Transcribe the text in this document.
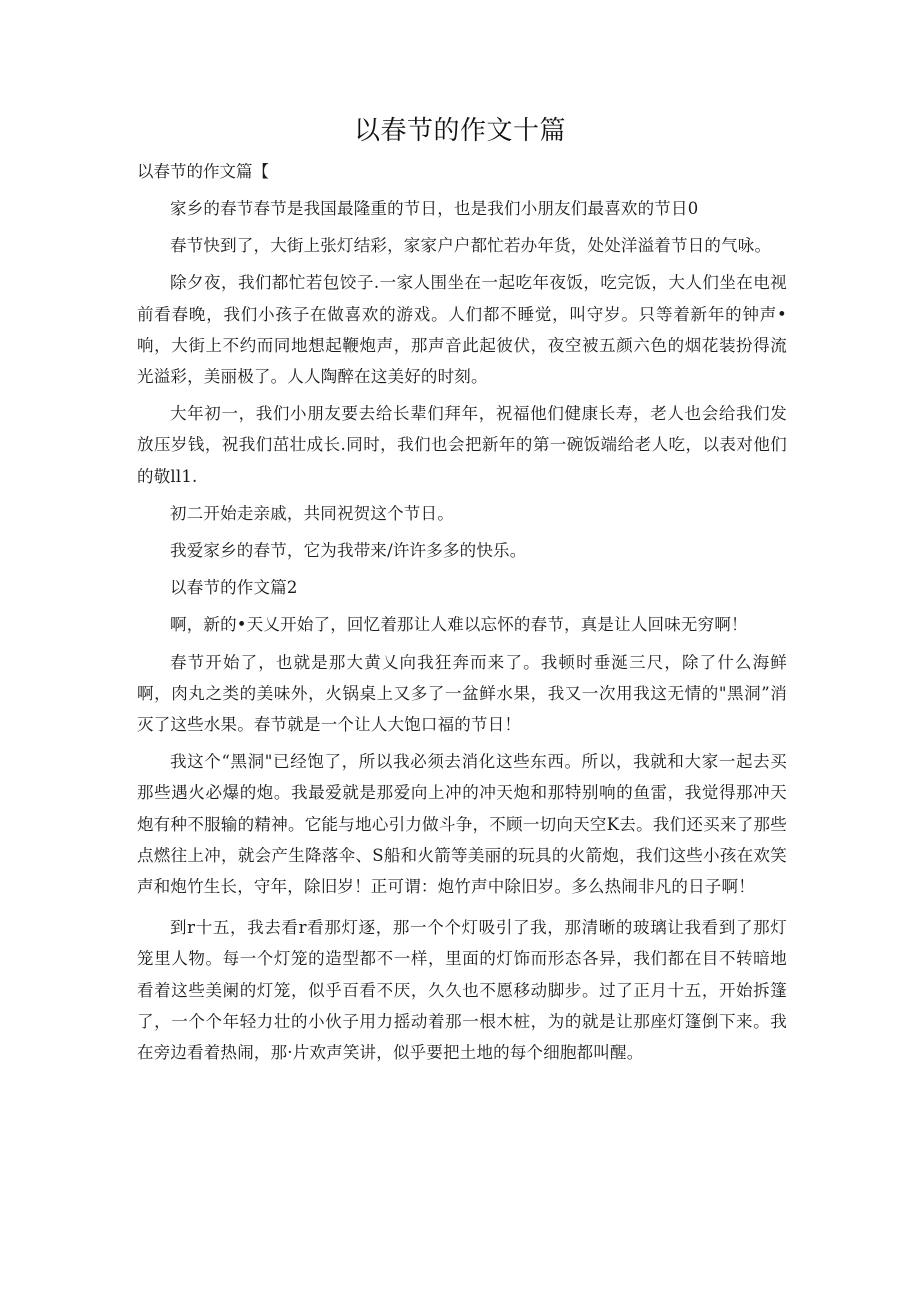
以春节的作文十篇
以春节的作文篇【

家乡的春节春节是我国最隆重的节日，也是我们小朋友们最喜欢的节日0

春节快到了，大街上张灯结彩，家家户户都忙若办年货，处处洋溢着节日的气咏。

除夕夜，我们都忙若包饺子.一家人围坐在一起吃年夜饭，吃完饭，大人们坐在电视前看春晚，我们小孩子在做喜欢的游戏。人们都不睡觉，叫守岁。只等着新年的钟声•响，大街上不约而同地想起鞭炮声，那声音此起彼伏，夜空被五颜六色的烟花装扮得流光溢彩，美丽极了。人人陶醉在这美好的时刻。

大年初一，我们小朋友要去给长辈们拜年，祝福他们健康长寿，老人也会给我们发放压岁钱，祝我们茁壮成长.同时，我们也会把新年的第一碗饭端给老人吃，以表对他们的敬ll1.

初二开始走亲戚，共同祝贺这个节日。

我爱家乡的春节，它为我带来/许许多多的快乐。

以春节的作文篇2

啊，新的•天乂开始了，回忆着那让人难以忘怀的春节，真是让人回味无穷啊！

春节开始了，也就是那大黄乂向我狂奔而来了。我顿时垂涎三尺，除了什么海鲜啊，肉丸之类的美味外，火锅桌上又多了一盆鲜水果，我又一次用我这无情的"黑洞”消灭了这些水果。春节就是一个让人大饱口福的节日！

我这个“黑洞"已经饱了，所以我必须去消化这些东西。所以，我就和大家一起去买那些遇火必爆的炮。我最爱就是那爱向上冲的冲天炮和那特别响的鱼雷，我觉得那冲天炮有种不服输的精神。它能与地心引力做斗争，不顾一切向天空K去。我们还买来了那些点燃往上冲，就会产生降落伞、S船和火箭等美丽的玩具的火箭炮，我们这些小孩在欢笑声和炮竹生长，守年，除旧岁！正可谓：炮竹声中除旧岁。多么热闹非凡的日子啊！

到r十五，我去看r看那灯逐，那一个个灯吸引了我，那清晰的玻璃让我看到了那灯笼里人物。每一个灯笼的造型都不一样，里面的灯饰而形态各异，我们都在目不转暗地看着这些美阑的灯笼，似乎百看不厌，久久也不愿移动脚步。过了正月十五，开始拆篷了，一个个年轻力壮的小伙子用力摇动着那一根木桩，为的就是让那座灯篷倒下来。我在旁边看着热闹，那·片欢声笑讲，似乎要把土地的每个细胞都叫醒。
